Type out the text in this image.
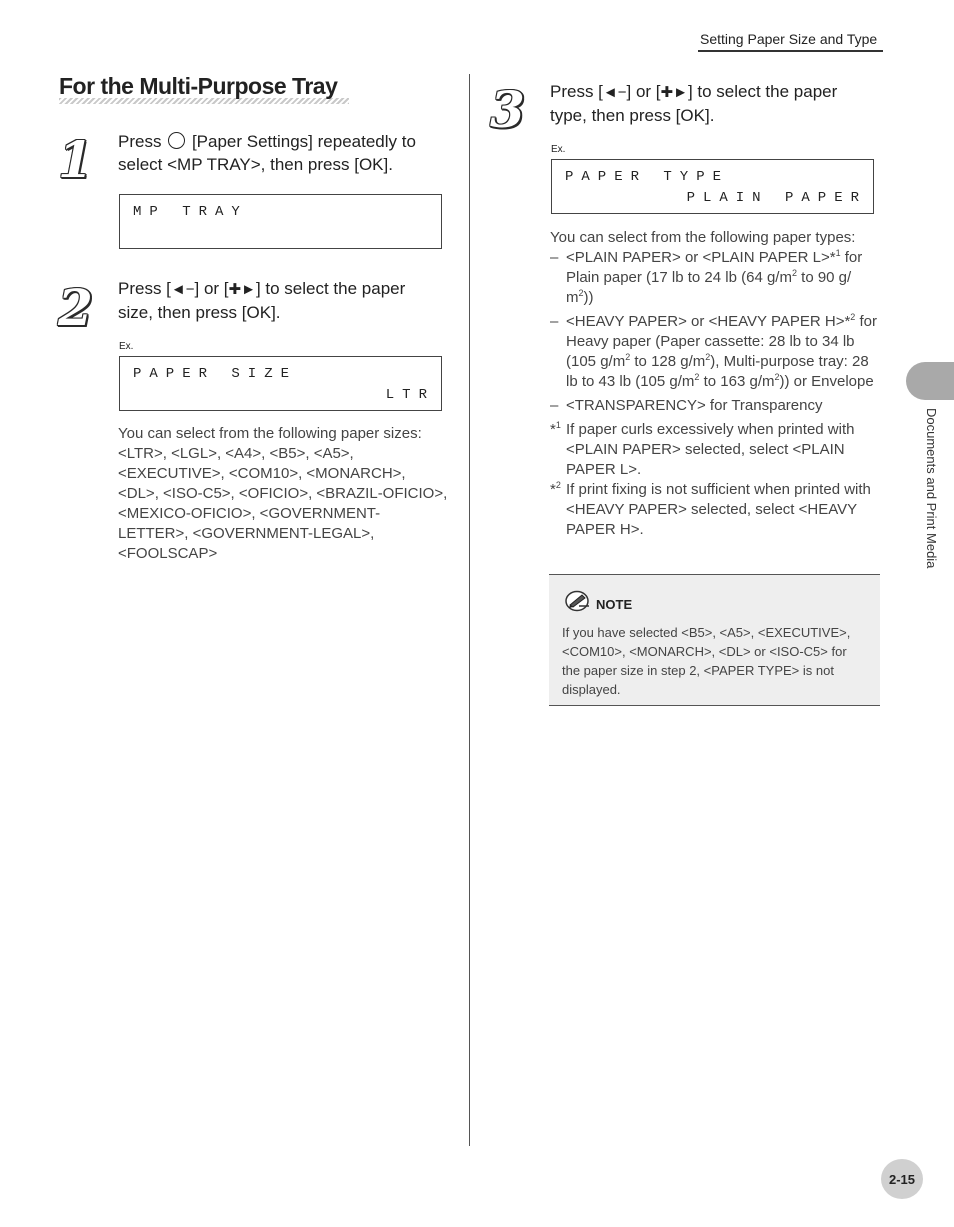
Setting Paper Size and Type
For the Multi-Purpose Tray
1 Press [Paper Settings] repeatedly to
select <MP TRAY>, then press [OK].
MP TRAY
2 Press [◄−] or [✚►] to select the paper
size, then press [OK].
Ex.
PAPER SIZE
LTR
You can select from the following paper sizes:
<LTR>, <LGL>, <A4>, <B5>, <A5>, <EXECUTIVE>, <COM10>, <MONARCH>, <DL>, <ISO-C5>, <OFICIO>, <BRAZIL-OFICIO>, <MEXICO-OFICIO>, <GOVERNMENT-LETTER>, <GOVERNMENT-LEGAL>, <FOOLSCAP>
3 Press [◄−] or [✚►] to select the paper
type, then press [OK].
Ex.
PAPER TYPE
PLAIN PAPER
You can select from the following paper types:
– <PLAIN PAPER> or <PLAIN PAPER L>*$^1$ for Plain paper (17 lb to 24 lb (64 $g/m^2$ to 90 g/ $m^2$))
– <HEAVY PAPER> or <HEAVY PAPER H>*$^2$ for Heavy paper (Paper cassette: 28 lb to 34 lb (105 $g/m^2$ to 128 $g/m^2$), Multi-purpose tray: 28 lb to 43 lb (105 $g/m^2$ to 163 $g/m^2$)) or Envelope
– <TRANSPARENCY> for Transparency
*$^1$ If paper curls excessively when printed with <PLAIN PAPER> selected, select <PLAIN PAPER L>.
*$^2$ If print fixing is not sufficient when printed with <HEAVY PAPER> selected, select <HEAVY PAPER H>.
NOTE
If you have selected <B5>, <A5>, <EXECUTIVE>, <COM10>, <MONARCH>, <DL> or <ISO-C5> for the paper size in step 2, <PAPER TYPE> is not displayed.
Documents and Print Media
2-15
